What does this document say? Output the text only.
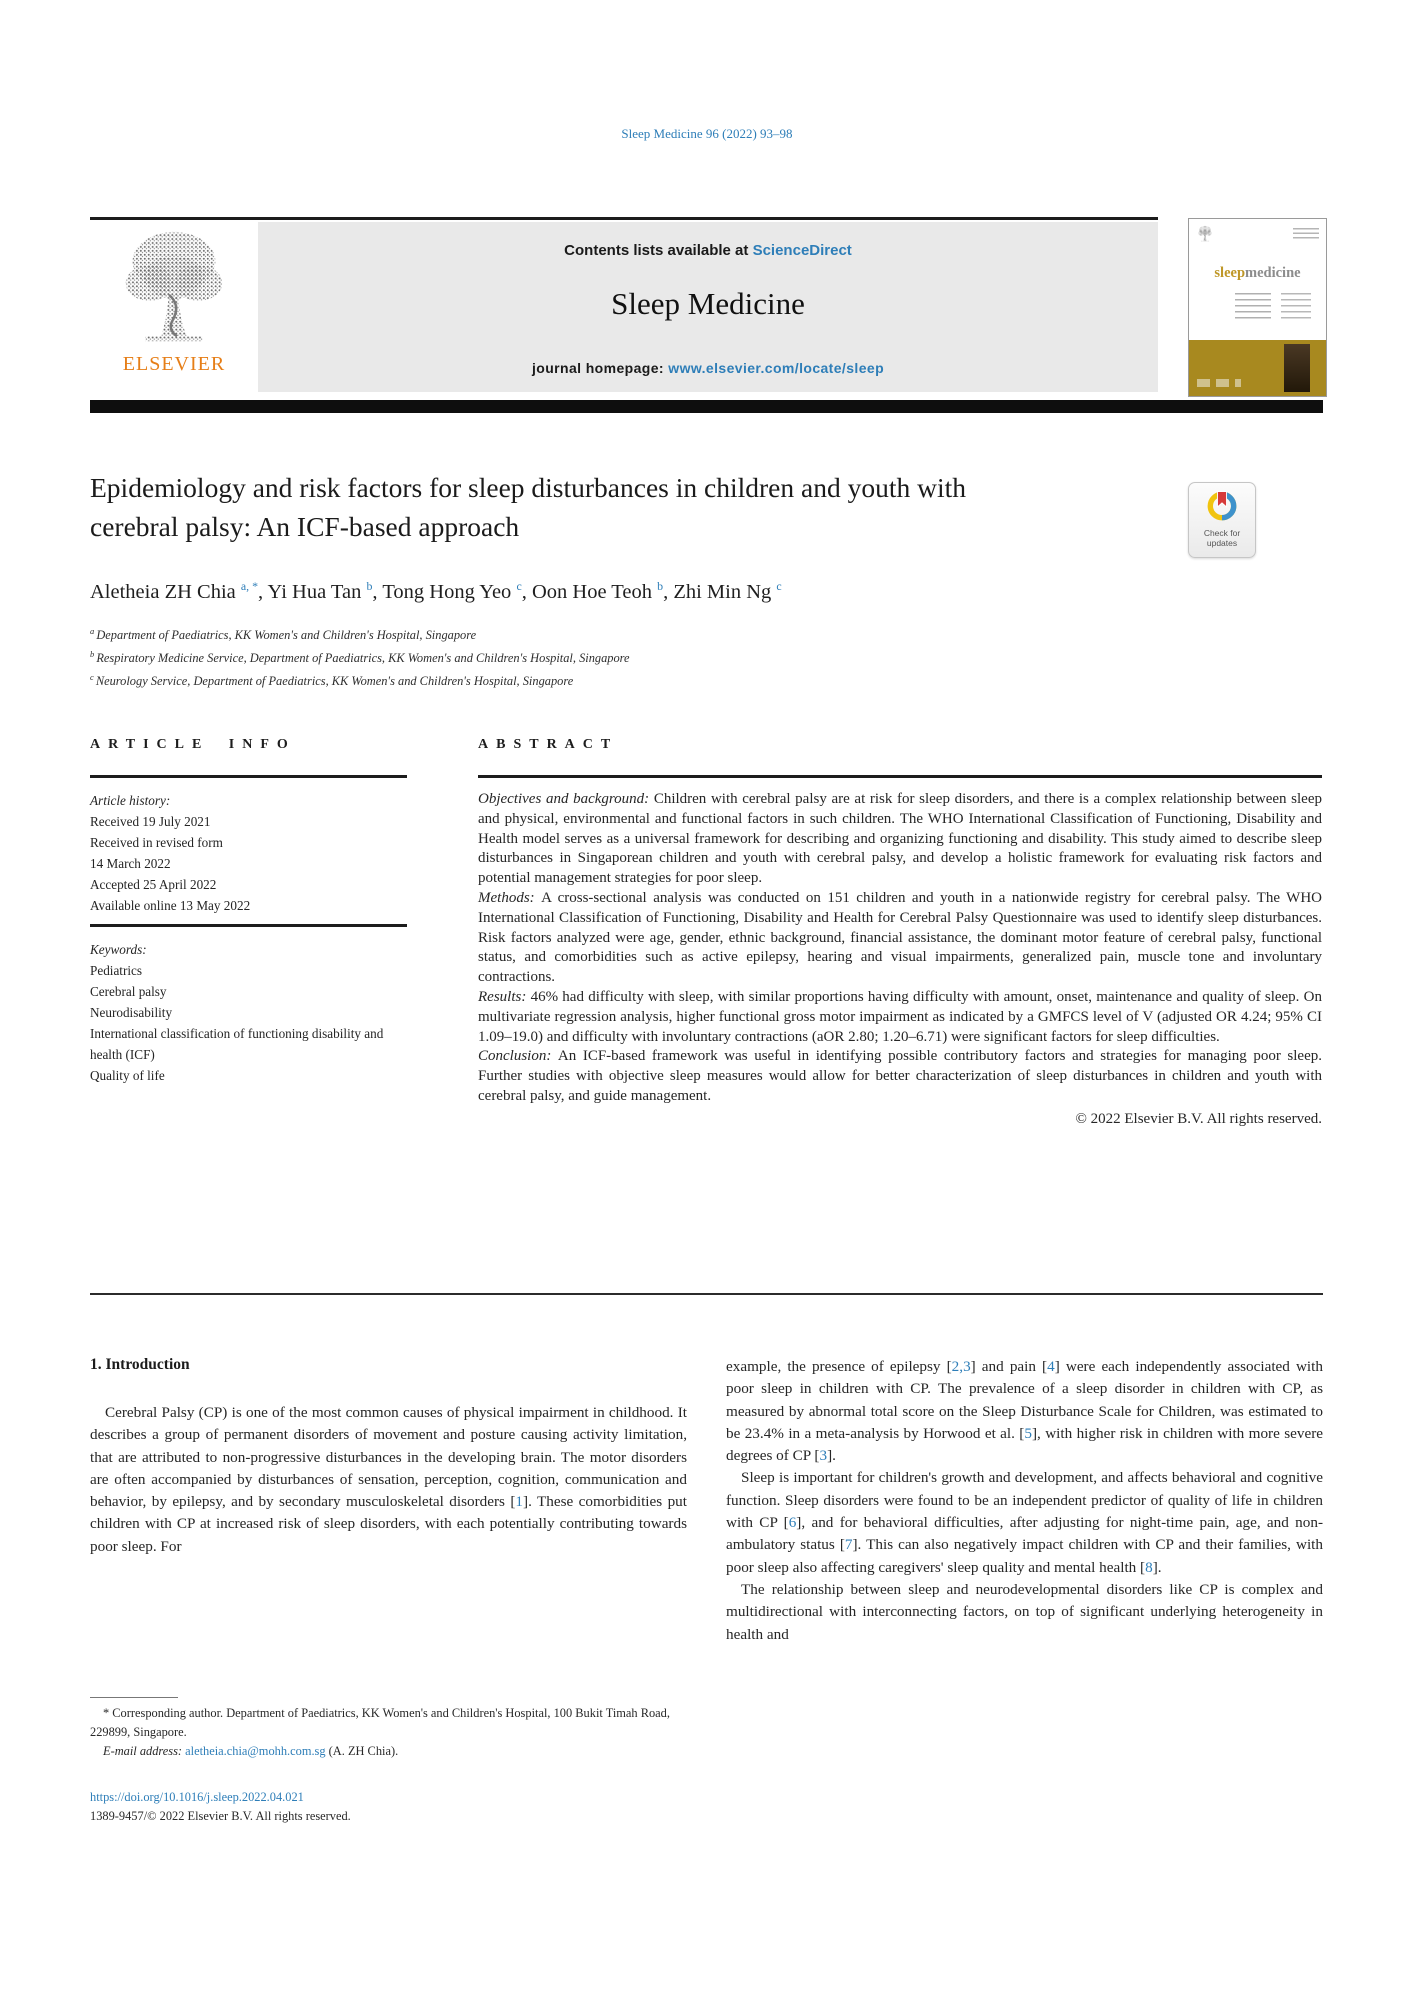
Sleep Medicine 96 (2022) 93–98
ELSEVIER
Contents lists available at ScienceDirect
Sleep Medicine
journal homepage: www.elsevier.com/locate/sleep
sleepmedicine
Epidemiology and risk factors for sleep disturbances in children and youth with cerebral palsy: An ICF-based approach	Check for updates
Aletheia ZH Chia $^{a, *}$, Yi Hua Tan $^b$, Tong Hong Yeo $^c$, Oon Hoe Teoh $^b$, Zhi Min Ng $^c$
$^a$ Department of Paediatrics, KK Women's and Children's Hospital, Singapore
$^b$ Respiratory Medicine Service, Department of Paediatrics, KK Women's and Children's Hospital, Singapore
$^c$ Neurology Service, Department of Paediatrics, KK Women's and Children's Hospital, Singapore
ARTICLE INFO	ABSTRACT
Article history:
Received 19 July 2021
Received in revised form
14 March 2022
Accepted 25 April 2022
Available online 13 May 2022
Keywords:
Pediatrics
Cerebral palsy
Neurodisability
International classification of functioning disability and health (ICF)
Quality of life
Objectives and background: Children with cerebral palsy are at risk for sleep disorders, and there is a complex relationship between sleep and physical, environmental and functional factors in such children. The WHO International Classification of Functioning, Disability and Health model serves as a universal framework for describing and organizing functioning and disability. This study aimed to describe sleep disturbances in Singaporean children and youth with cerebral palsy, and develop a holistic framework for evaluating risk factors and potential management strategies for poor sleep.
Methods: A cross-sectional analysis was conducted on 151 children and youth in a nationwide registry for cerebral palsy. The WHO International Classification of Functioning, Disability and Health for Cerebral Palsy Questionnaire was used to identify sleep disturbances. Risk factors analyzed were age, gender, ethnic background, financial assistance, the dominant motor feature of cerebral palsy, functional status, and comorbidities such as active epilepsy, hearing and visual impairments, generalized pain, muscle tone and involuntary contractions.
Results: 46% had difficulty with sleep, with similar proportions having difficulty with amount, onset, maintenance and quality of sleep. On multivariate regression analysis, higher functional gross motor impairment as indicated by a GMFCS level of V (adjusted OR 4.24; 95% CI 1.09–19.0) and difficulty with involuntary contractions (aOR 2.80; 1.20–6.71) were significant factors for sleep difficulties.
Conclusion: An ICF-based framework was useful in identifying possible contributory factors and strategies for managing poor sleep. Further studies with objective sleep measures would allow for better characterization of sleep disturbances in children and youth with cerebral palsy, and guide management.
© 2022 Elsevier B.V. All rights reserved.
1. Introduction
Cerebral Palsy (CP) is one of the most common causes of physical impairment in childhood. It describes a group of permanent disorders of movement and posture causing activity limitation, that are attributed to non-progressive disturbances in the developing brain. The motor disorders are often accompanied by disturbances of sensation, perception, cognition, communication and behavior, by epilepsy, and by secondary musculoskeletal disorders [1]. These comorbidities put children with CP at increased risk of sleep disorders, with each potentially contributing towards poor sleep. For
example, the presence of epilepsy [2,3] and pain [4] were each independently associated with poor sleep in children with CP. The prevalence of a sleep disorder in children with CP, as measured by abnormal total score on the Sleep Disturbance Scale for Children, was estimated to be 23.4% in a meta-analysis by Horwood et al. [5], with higher risk in children with more severe degrees of CP [3].
Sleep is important for children's growth and development, and affects behavioral and cognitive function. Sleep disorders were found to be an independent predictor of quality of life in children with CP [6], and for behavioral difficulties, after adjusting for night-time pain, age, and non-ambulatory status [7]. This can also negatively impact children with CP and their families, with poor sleep also affecting caregivers' sleep quality and mental health [8].
The relationship between sleep and neurodevelopmental disorders like CP is complex and multidirectional with interconnecting factors, on top of significant underlying heterogeneity in health and
* Corresponding author. Department of Paediatrics, KK Women's and Children's Hospital, 100 Bukit Timah Road, 229899, Singapore.
E-mail address: aletheia.chia@mohh.com.sg (A. ZH Chia).
https://doi.org/10.1016/j.sleep.2022.04.021
1389-9457/© 2022 Elsevier B.V. All rights reserved.
